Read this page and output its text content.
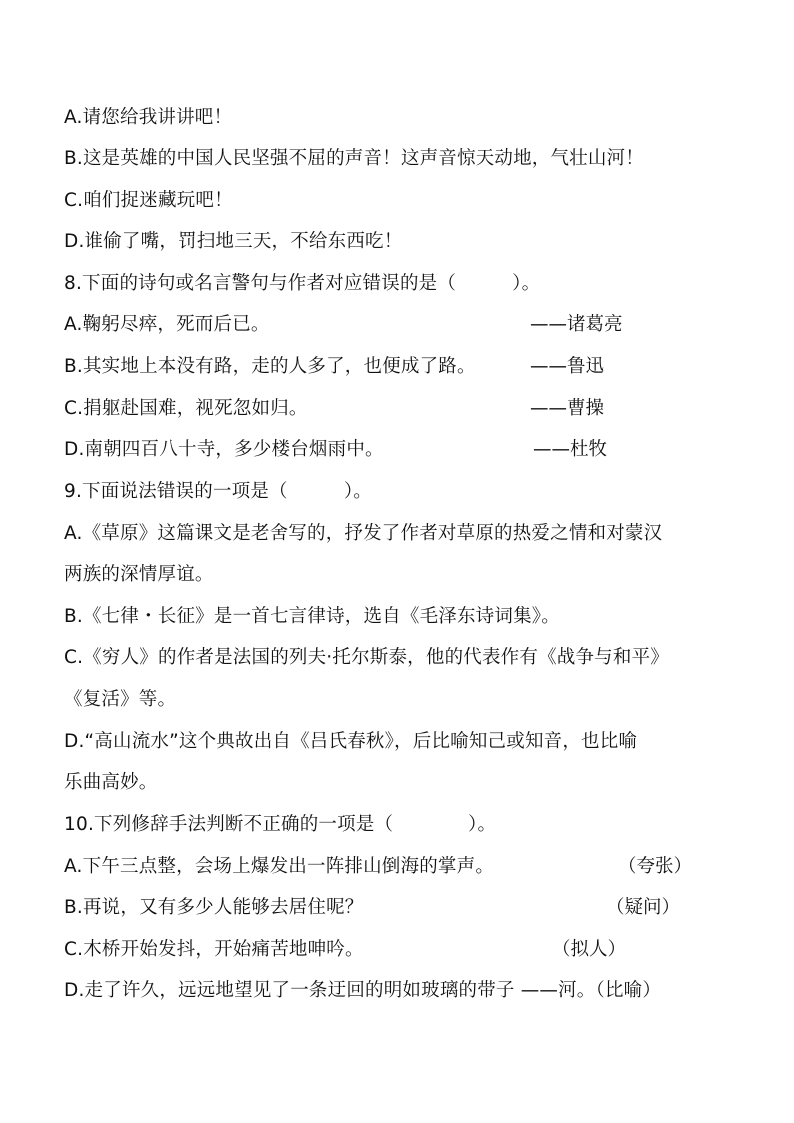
A.请您给我讲讲吧！
B.这是英雄的中国人民坚强不屈的声音！这声音惊天动地，气壮山河！
C.咱们捉迷藏玩吧！
D.谁偷了嘴，罚扫地三天，不给东西吃！
8.下面的诗句或名言警句与作者对应错误的是（　　　）。
A.鞠躬尽瘁，死而后已。	——诸葛亮
B.其实地上本没有路，走的人多了，也便成了路。	——鲁迅
C.捐躯赴国难，视死忽如归。	——曹操
D.南朝四百八十寺，多少楼台烟雨中。	——杜牧
9.下面说法错误的一项是（　　　）。
A.《草原》这篇课文是老舍写的，抒发了作者对草原的热爱之情和对蒙汉
两族的深情厚谊。
B.《七律・长征》是一首七言律诗，选自《毛泽东诗词集》。
C.《穷人》的作者是法国的列夫·托尔斯泰，他的代表作有《战争与和平》
《复活》等。
D.“高山流水”这个典故出自《吕氏春秋》，后比喻知己或知音，也比喻
乐曲高妙。
10.下列修辞手法判断不正确的一项是（　　　　）。
A.下午三点整，会场上爆发出一阵排山倒海的掌声。	（夸张）
B.再说，又有多少人能够去居住呢？	（疑问）
C.木桥开始发抖，开始痛苦地呻吟。	（拟人）
D.走了许久，远远地望见了一条迂回的明如玻璃的带子 ——河。（比喻）
